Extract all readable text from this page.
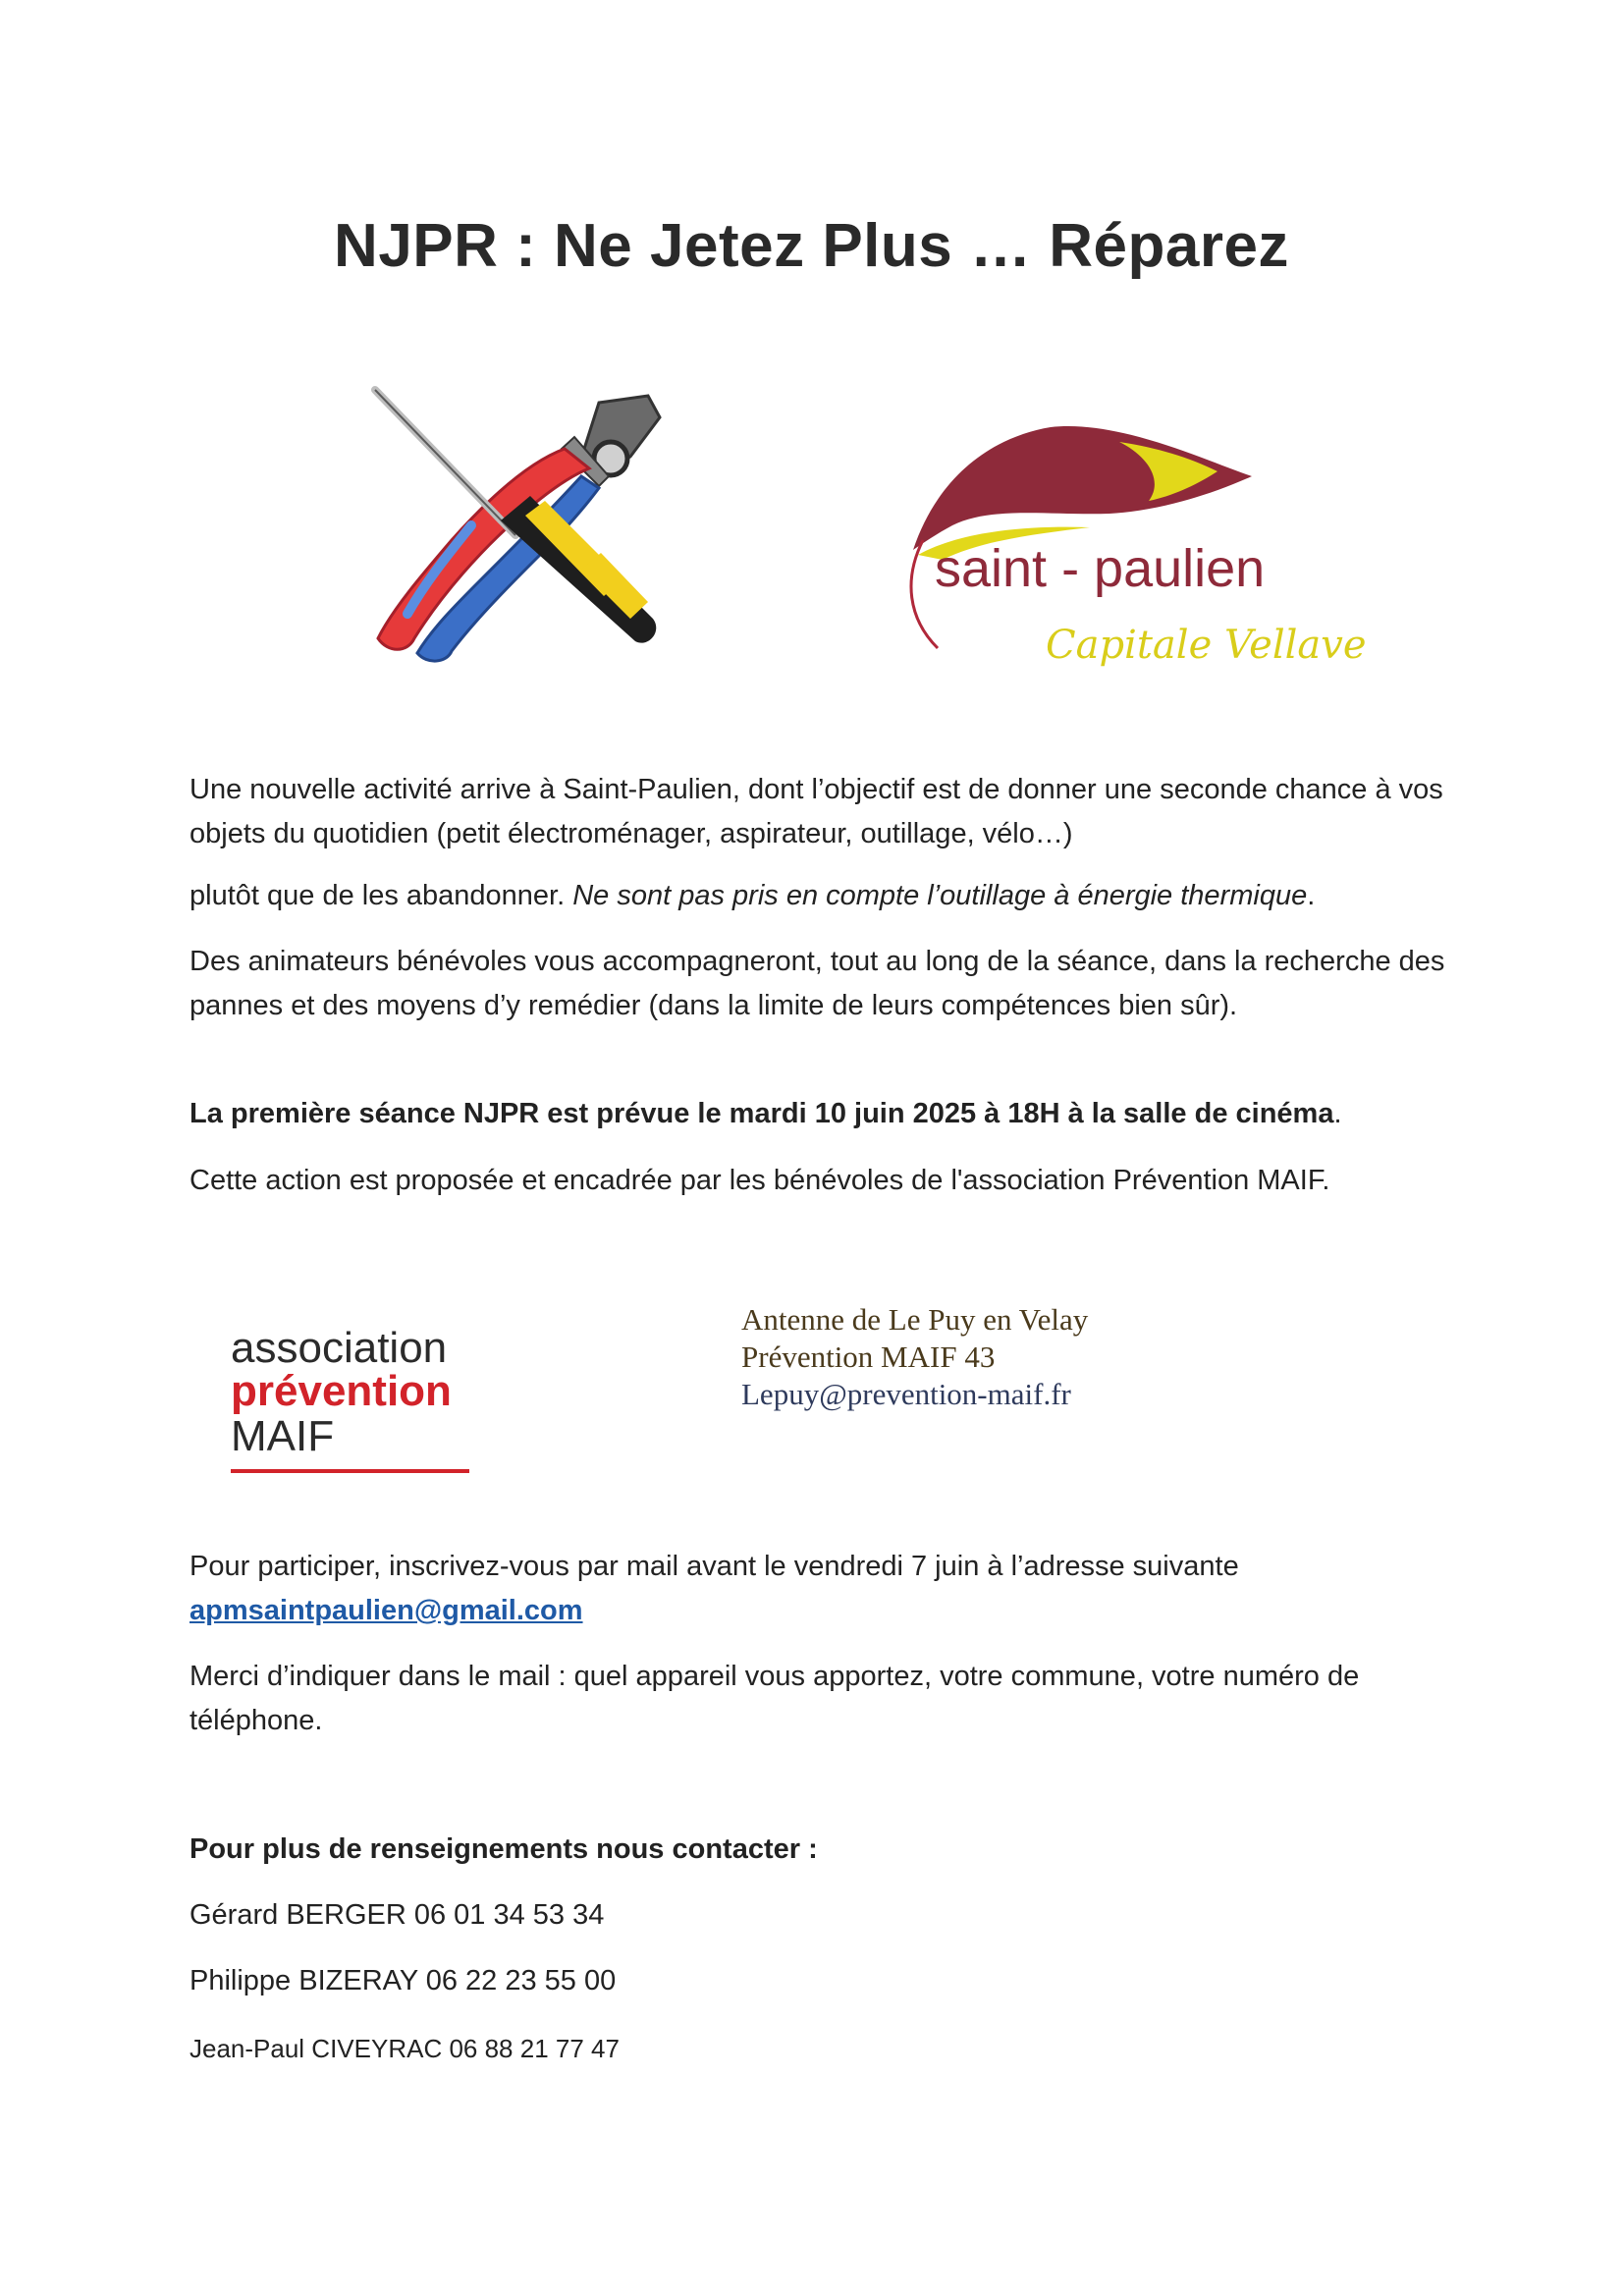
NJPR : Ne Jetez Plus … Réparez
saint - paulien
Capitale Vellave

Une nouvelle activité arrive à Saint-Paulien, dont l’objectif est de donner une seconde chance à vos objets du quotidien (petit électroménager, aspirateur, outillage, vélo…)

plutôt que de les abandonner. Ne sont pas pris en compte l’outillage à énergie thermique.

Des animateurs bénévoles vous accompagneront, tout au long de la séance, dans la recherche des pannes et des moyens d’y remédier (dans la limite de leurs compétences bien sûr).

La première séance NJPR est prévue le mardi 10 juin 2025 à 18H à la salle de cinéma.

Cette action est proposée et encadrée par les bénévoles de l'association Prévention MAIF.

association
prévention
MAIF
Antenne de Le Puy en Velay
Prévention MAIF 43
Lepuy@prevention-maif.fr

Pour participer, inscrivez-vous par mail avant le vendredi 7 juin à l’adresse suivante
apmsaintpaulien@gmail.com

Merci d’indiquer dans le mail : quel appareil vous apportez, votre commune, votre numéro de téléphone.

Pour plus de renseignements nous contacter :

Gérard BERGER 06 01 34 53 34

Philippe BIZERAY 06 22 23 55 00

Jean-Paul CIVEYRAC 06 88 21 77 47
